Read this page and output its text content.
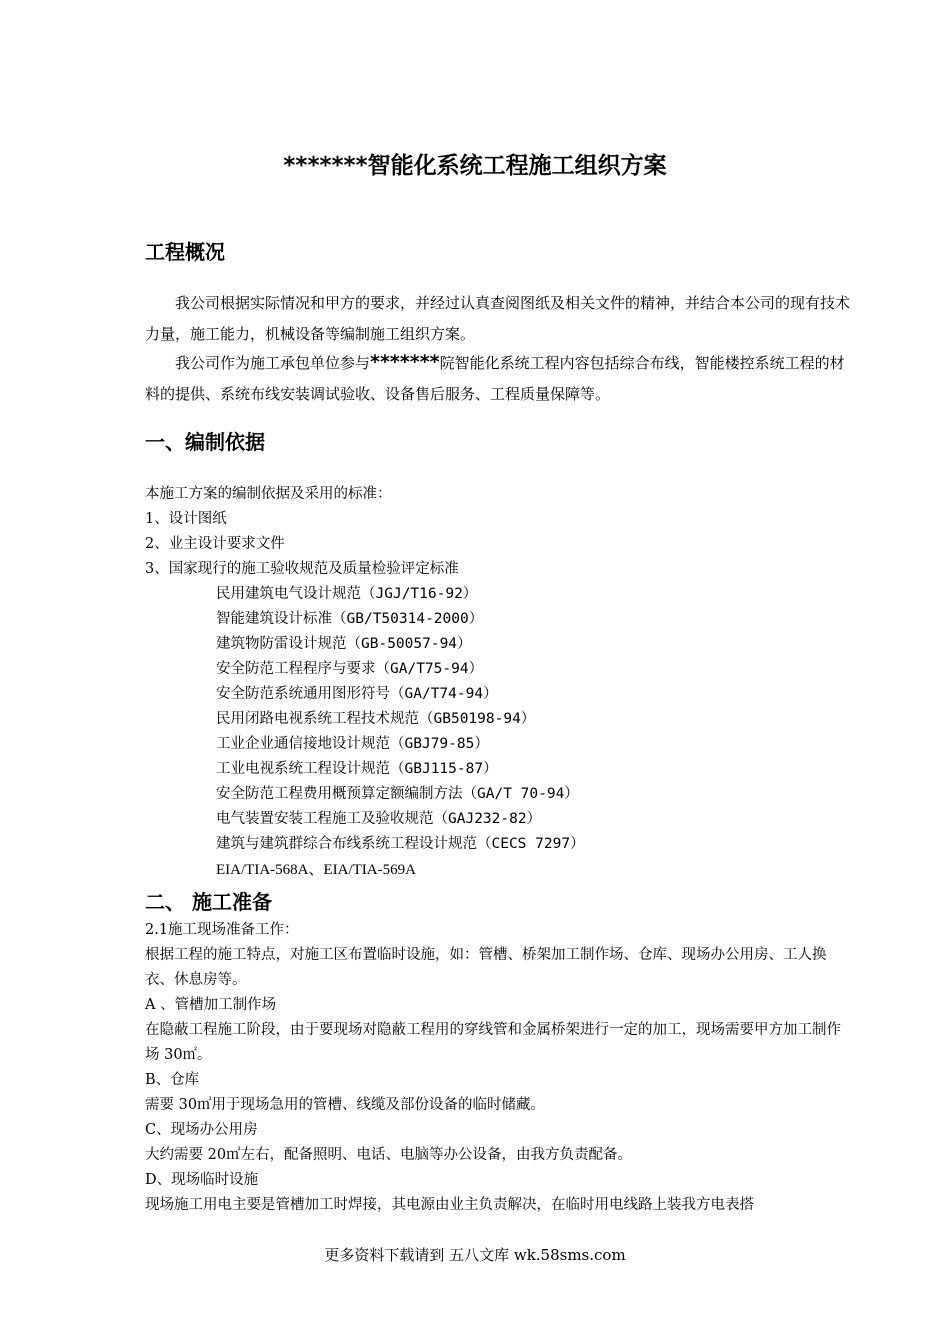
*******智能化系统工程施工组织方案
工程概况

我公司根据实际情况和甲方的要求，并经过认真查阅图纸及相关文件的精神，并结合本公司的现有技术力量，施工能力，机械设备等编制施工组织方案。

我公司作为施工承包单位参与*******院智能化系统工程内容包括综合布线，智能楼控系统工程的材料的提供、系统布线安装调试验收、设备售后服务、工程质量保障等。

一、编制依据

本施工方案的编制依据及采用的标准：

1、设计图纸

2、业主设计要求文件

3、国家现行的施工验收规范及质量检验评定标准

民用建筑电气设计规范（JGJ/T16-92）

智能建筑设计标准（GB/T50314-2000）

建筑物防雷设计规范（GB-50057-94）

安全防范工程程序与要求（GA/T75-94）

安全防范系统通用图形符号（GA/T74-94）

民用闭路电视系统工程技术规范（GB50198-94）

工业企业通信接地设计规范（GBJ79-85）

工业电视系统工程设计规范（GBJ115-87）

安全防范工程费用概预算定额编制方法（GA/T 70-94）

电气装置安装工程施工及验收规范（GAJ232-82）

建筑与建筑群综合布线系统工程设计规范（CECS 7297）

EIA/TIA-568A、EIA/TIA-569A

二、 施工准备

2.1施工现场准备工作：

根据工程的施工特点，对施工区布置临时设施，如：管槽、桥架加工制作场、仓库、现场办公用房、工人换衣、休息房等。

A 、管槽加工制作场

在隐蔽工程施工阶段，由于要现场对隐蔽工程用的穿线管和金属桥架进行一定的加工，现场需要甲方加工制作场 30㎡。

B、仓库

需要 30㎡用于现场急用的管槽、线缆及部份设备的临时储藏。

C、现场办公用房

大约需要 20㎡左右，配备照明、电话、电脑等办公设备，由我方负责配备。

D、现场临时设施

现场施工用电主要是管槽加工时焊接，其电源由业主负责解决，在临时用电线路上装我方电表搭

更多资料下载请到 五八文库 wk.58sms.com
